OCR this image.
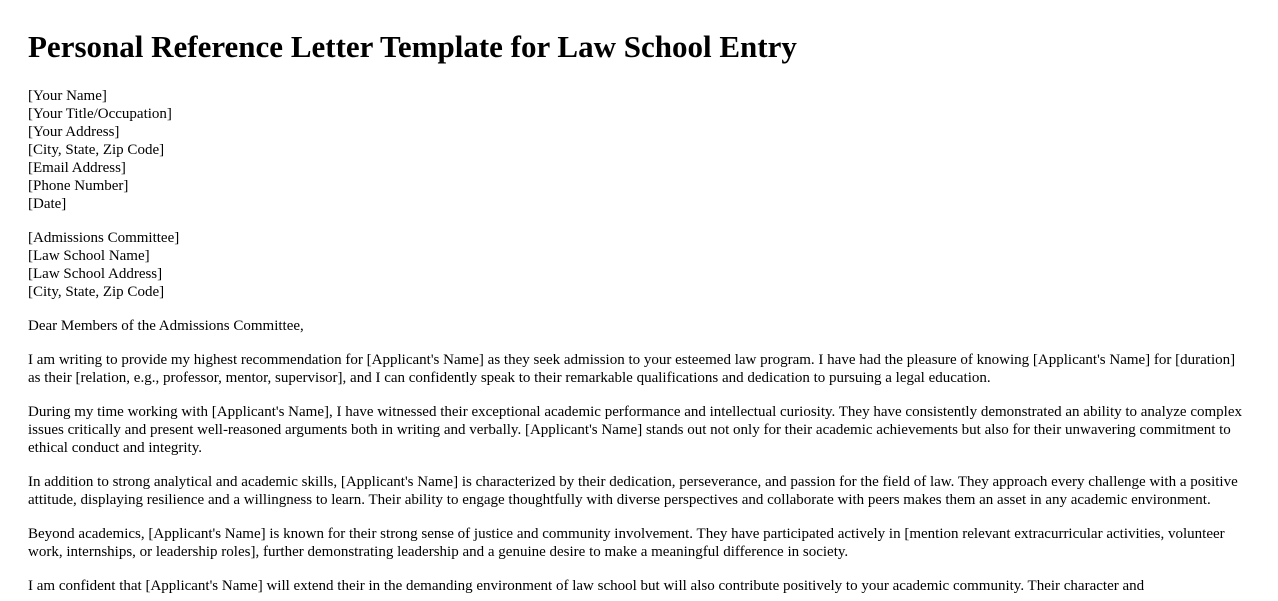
Personal Reference Letter Template for Law School Entry
[Your Name]
[Your Title/Occupation]
[Your Address]
[City, State, Zip Code]
[Email Address]
[Phone Number]
[Date]
[Admissions Committee]
[Law School Name]
[Law School Address]
[City, State, Zip Code]

Dear Members of the Admissions Committee,

I am writing to provide my highest recommendation for [Applicant's Name] as they seek admission to your esteemed law program. I have had the pleasure of knowing [Applicant's Name] for [duration] as their [relation, e.g., professor, mentor, supervisor], and I can confidently speak to their remarkable qualifications and dedication to pursuing a legal education.

During my time working with [Applicant's Name], I have witnessed their exceptional academic performance and intellectual curiosity. They have consistently demonstrated an ability to analyze complex issues critically and present well-reasoned arguments both in writing and verbally. [Applicant's Name] stands out not only for their academic achievements but also for their unwavering commitment to ethical conduct and integrity.

In addition to strong analytical and academic skills, [Applicant's Name] is characterized by their dedication, perseverance, and passion for the field of law. They approach every challenge with a positive attitude, displaying resilience and a willingness to learn. Their ability to engage thoughtfully with diverse perspectives and collaborate with peers makes them an asset in any academic environment.

Beyond academics, [Applicant's Name] is known for their strong sense of justice and community involvement. They have participated actively in [mention relevant extracurricular activities, volunteer work, internships, or leadership roles], further demonstrating leadership and a genuine desire to make a meaningful difference in society.

I am confident that [Applicant's Name] will extend their in the demanding environment of law school but will also contribute positively to your academic community. Their character and
